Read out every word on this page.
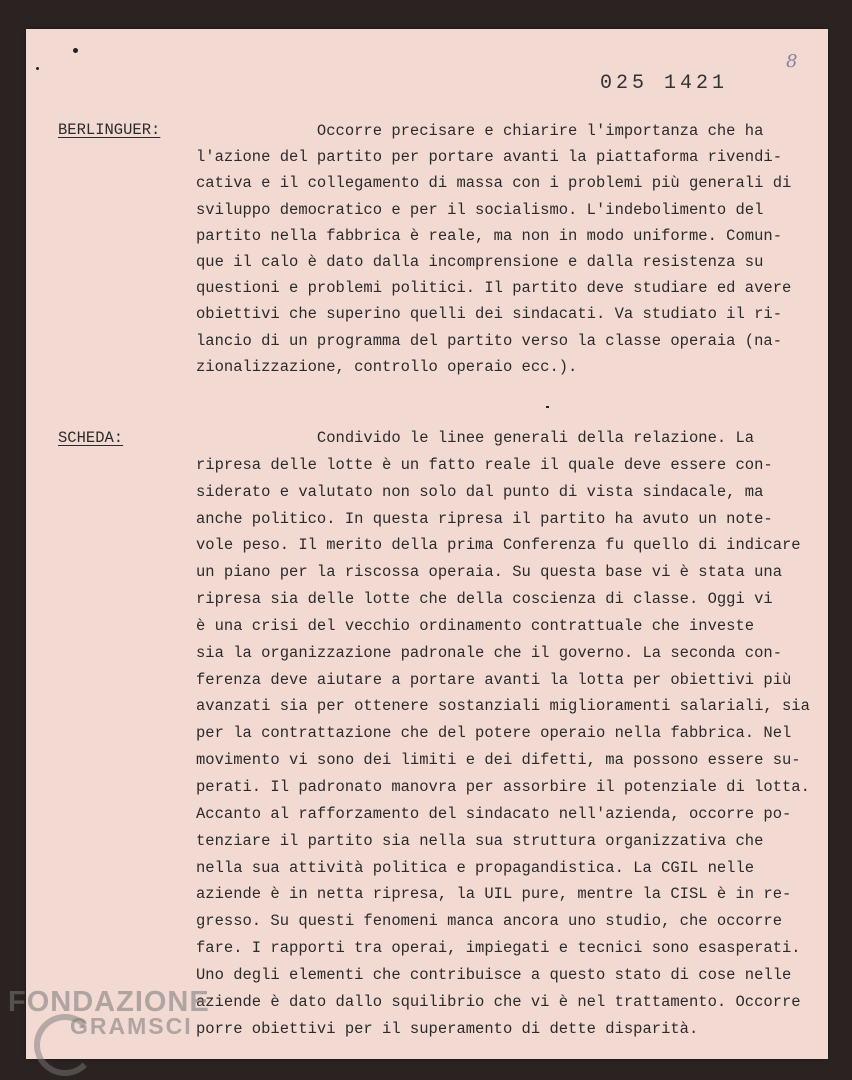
025 1421
8
BERLINGUER: Occorre precisare e chiarire l'importanza che ha
l'azione del partito per portare avanti la piattaforma rivendi-
cativa e il collegamento di massa con i problemi più generali di
sviluppo democratico e per il socialismo. L'indebolimento del
partito nella fabbrica è reale, ma non in modo uniforme. Comun-
que il calo è dato dalla incomprensione e dalla resistenza su
questioni e problemi politici. Il partito deve studiare ed avere
obiettivi che superino quelli dei sindacati. Va studiato il ri-
lancio di un programma del partito verso la classe operaia (na-
zionalizzazione, controllo operaio ecc.).
SCHEDA:	Condivido le linee generali della relazione. La
ripresa delle lotte è un fatto reale il quale deve essere con-
siderato e valutato non solo dal punto di vista sindacale, ma
anche politico. In questa ripresa il partito ha avuto un note-
vole peso. Il merito della prima Conferenza fu quello di indicare
un piano per la riscossa operaia. Su questa base vi è stata una
ripresa sia delle lotte che della coscienza di classe. Oggi vi
è una crisi del vecchio ordinamento contrattuale che investe
sia la organizzazione padronale che il governo. La seconda con-
ferenza deve aiutare a portare avanti la lotta per obiettivi più
avanzati sia per ottenere sostanziali miglioramenti salariali, sia
per la contrattazione che del potere operaio nella fabbrica. Nel
movimento vi sono dei limiti e dei difetti, ma possono essere su-
perati. Il padronato manovra per assorbire il potenziale di lotta.
Accanto al rafforzamento del sindacato nell'azienda, occorre po-
tenziare il partito sia nella sua struttura organizzativa che
nella sua attività politica e propagandistica. La CGIL nelle
aziende è in netta ripresa, la UIL pure, mentre la CISL è in re-
gresso. Su questi fenomeni manca ancora uno studio, che occorre
fare. I rapporti tra operai, impiegati e tecnici sono esasperati.
Uno degli elementi che contribuisce a questo stato di cose nelle
aziende è dato dallo squilibrio che vi è nel trattamento. Occorre
porre obiettivi per il superamento di dette disparità.
FONDAZIONE
GRAMSCI
